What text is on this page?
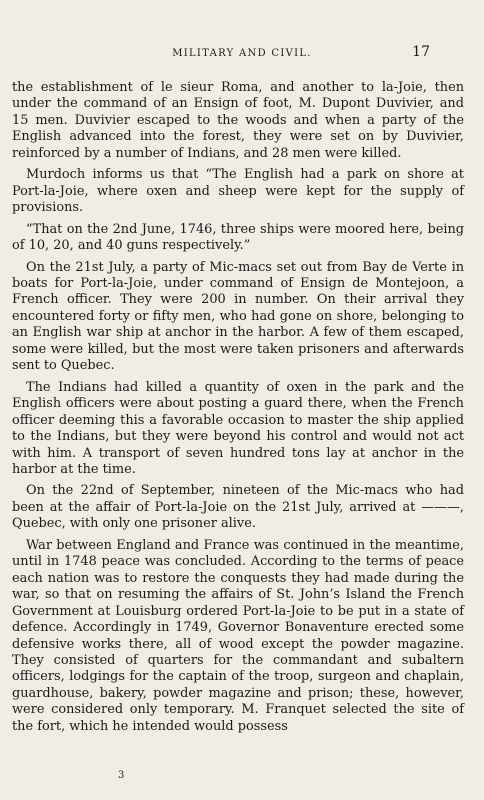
MILITARY AND CIVIL.	17

the establishment of le sieur Roma, and another to la-Joie, then under the command of an Ensign of foot, M. Dupont Duvivier, and 15 men. Duvivier escaped to the woods and when a party of the English advanced into the forest, they were set on by Duvivier, reinforced by a number of Indians, and 28 men were killed.

Murdoch informs us that “The English had a park on shore at Port-la-Joie, where oxen and sheep were kept for the supply of provisions.

“That on the 2nd June, 1746, three ships were moored here, being of 10, 20, and 40 guns respectively.”

On the 21st July, a party of Mic-macs set out from Bay de Verte in boats for Port-la-Joie, under command of Ensign de Montejoon, a French officer. They were 200 in number. On their arrival they encountered forty or fifty men, who had gone on shore, belonging to an English war ship at anchor in the harbor. A few of them escaped, some were killed, but the most were taken prisoners and afterwards sent to Quebec.

The Indians had killed a quantity of oxen in the park and the English officers were about posting a guard there, when the French officer deeming this a favorable occasion to master the ship applied to the Indians, but they were beyond his control and would not act with him. A transport of seven hundred tons lay at anchor in the harbor at the time.

On the 22nd of September, nineteen of the Mic-macs who had been at the affair of Port-la-Joie on the 21st July, arrived at ———, Quebec, with only one prisoner alive.

War between England and France was continued in the meantime, until in 1748 peace was concluded. According to the terms of peace each nation was to restore the conquests they had made during the war, so that on resuming the affairs of St. John’s Island the French Government at Louisburg ordered Port-la-Joie to be put in a state of defence. Accordingly in 1749, Governor Bonaventure erected some defensive works there, all of wood except the powder magazine. They consisted of quarters for the commandant and subaltern officers, lodgings for the captain of the troop, surgeon and chaplain, guardhouse, bakery, powder magazine and prison; these, however, were considered only temporary. M. Franquet selected the site of the fort, which he intended would possess

3
